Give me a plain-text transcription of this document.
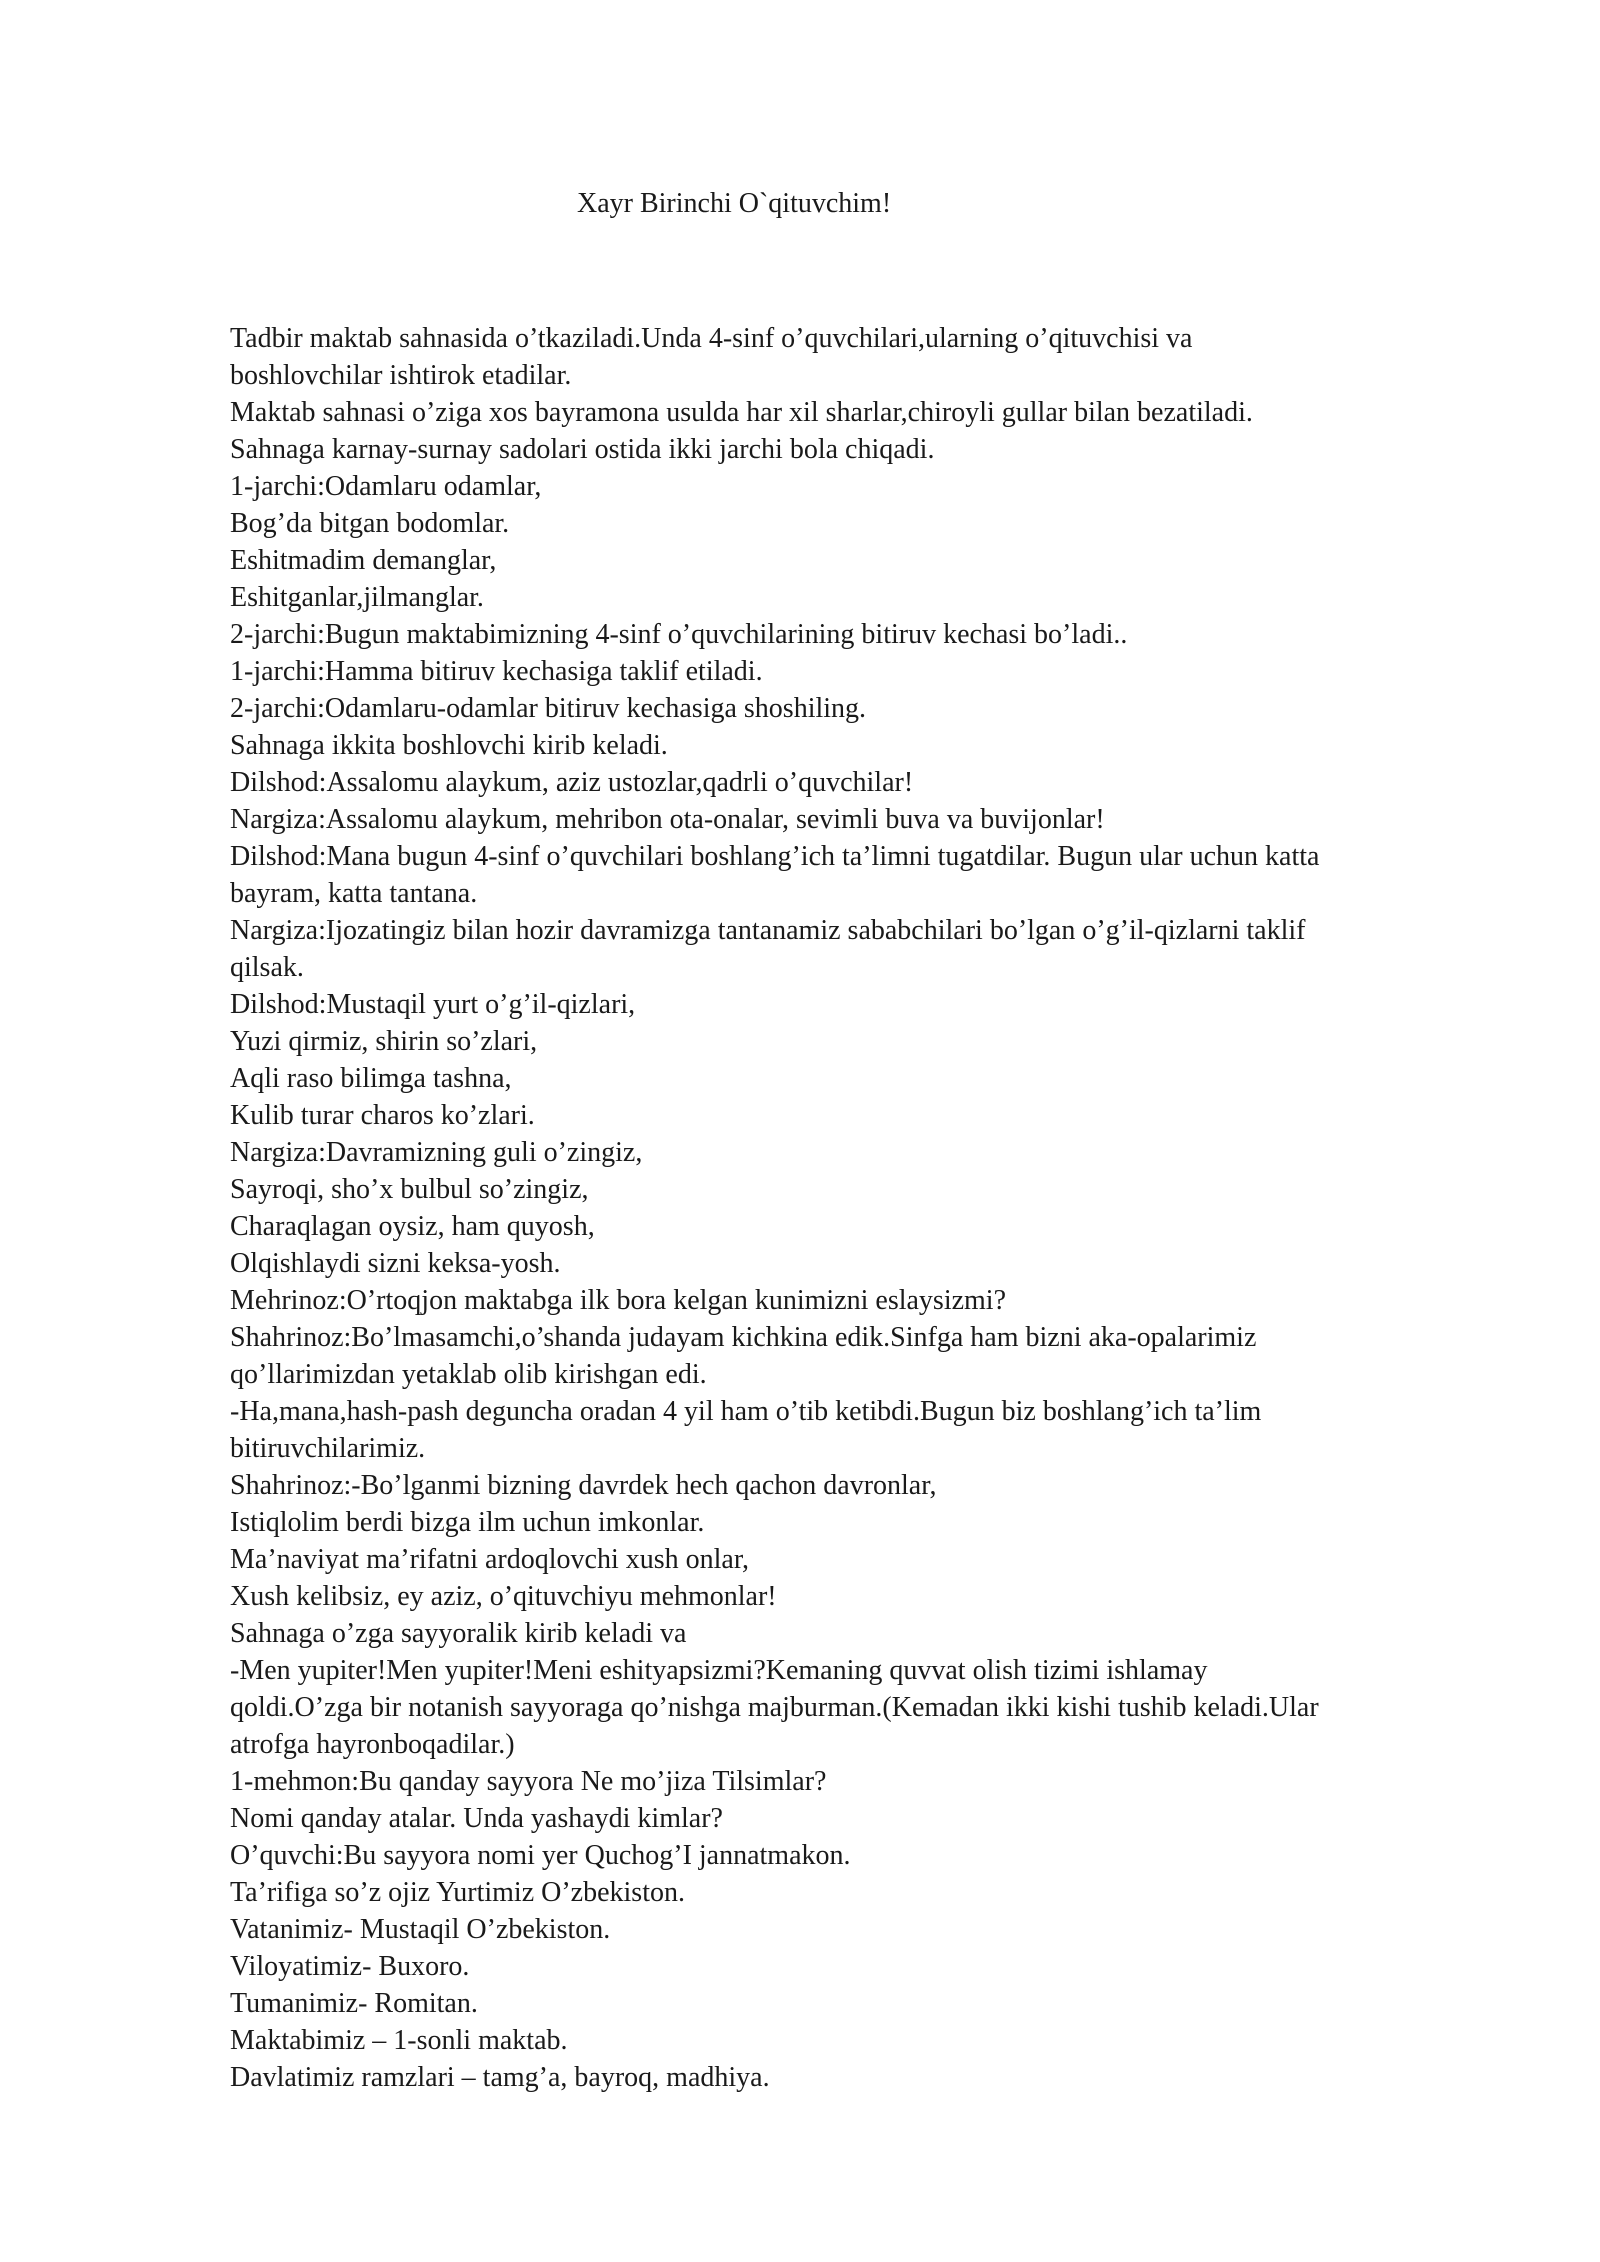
Xayr Birinchi O`qituvchim!
Tadbir maktab sahnasida o’tkaziladi.Unda 4-sinf o’quvchilari,ularning o’qituvchisi va
boshlovchilar ishtirok etadilar.
Maktab sahnasi o’ziga xos bayramona usulda har xil sharlar,chiroyli gullar bilan bezatiladi.
Sahnaga karnay-surnay sadolari ostida ikki jarchi bola chiqadi.
1-jarchi:Odamlaru odamlar,
Bog’da bitgan bodomlar.
Eshitmadim demanglar,
Eshitganlar,jilmanglar.
2-jarchi:Bugun maktabimizning 4-sinf o’quvchilarining bitiruv kechasi bo’ladi..
1-jarchi:Hamma bitiruv kechasiga taklif etiladi.
2-jarchi:Odamlaru-odamlar bitiruv kechasiga shoshiling.
Sahnaga ikkita boshlovchi kirib keladi.
Dilshod:Assalomu alaykum, aziz ustozlar,qadrli o’quvchilar!
Nargiza:Assalomu alaykum, mehribon ota-onalar, sevimli buva va buvijonlar!
Dilshod:Mana bugun 4-sinf o’quvchilari boshlang’ich ta’limni tugatdilar. Bugun ular uchun katta
bayram, katta tantana.
Nargiza:Ijozatingiz bilan hozir davramizga tantanamiz sababchilari bo’lgan o’g’il-qizlarni taklif
qilsak.
Dilshod:Mustaqil yurt o’g’il-qizlari,
Yuzi qirmiz, shirin so’zlari,
Aqli raso bilimga tashna,
Kulib turar charos ko’zlari.
Nargiza:Davramizning guli o’zingiz,
Sayroqi, sho’x bulbul so’zingiz,
Charaqlagan oysiz, ham quyosh,
Olqishlaydi sizni keksa-yosh.
Mehrinoz:O’rtoqjon maktabga ilk bora kelgan kunimizni eslaysizmi?
Shahrinoz:Bo’lmasamchi,o’shanda judayam kichkina edik.Sinfga ham bizni aka-opalarimiz
qo’llarimizdan yetaklab olib kirishgan edi.
-Ha,mana,hash-pash deguncha oradan 4 yil ham o’tib ketibdi.Bugun biz boshlang’ich ta’lim
bitiruvchilarimiz.
Shahrinoz:-Bo’lganmi bizning davrdek hech qachon davronlar,
Istiqlolim berdi bizga ilm uchun imkonlar.
Ma’naviyat ma’rifatni ardoqlovchi xush onlar,
Xush kelibsiz, ey aziz, o’qituvchiyu mehmonlar!
Sahnaga o’zga sayyoralik kirib keladi va
-Men yupiter!Men yupiter!Meni eshityapsizmi?Kemaning quvvat olish tizimi ishlamay
qoldi.O’zga bir notanish sayyoraga qo’nishga majburman.(Kemadan ikki kishi tushib keladi.Ular
atrofga hayronboqadilar.)
1-mehmon:Bu qanday sayyora Ne mo’jiza Tilsimlar?
Nomi qanday atalar. Unda yashaydi kimlar?
O’quvchi:Bu sayyora nomi yer Quchog’I jannatmakon.
Ta’rifiga so’z ojiz Yurtimiz O’zbekiston.
Vatanimiz- Mustaqil O’zbekiston.
Viloyatimiz- Buxoro.
Tumanimiz- Romitan.
Maktabimiz – 1-sonli maktab.
Davlatimiz ramzlari – tamg’a, bayroq, madhiya.
